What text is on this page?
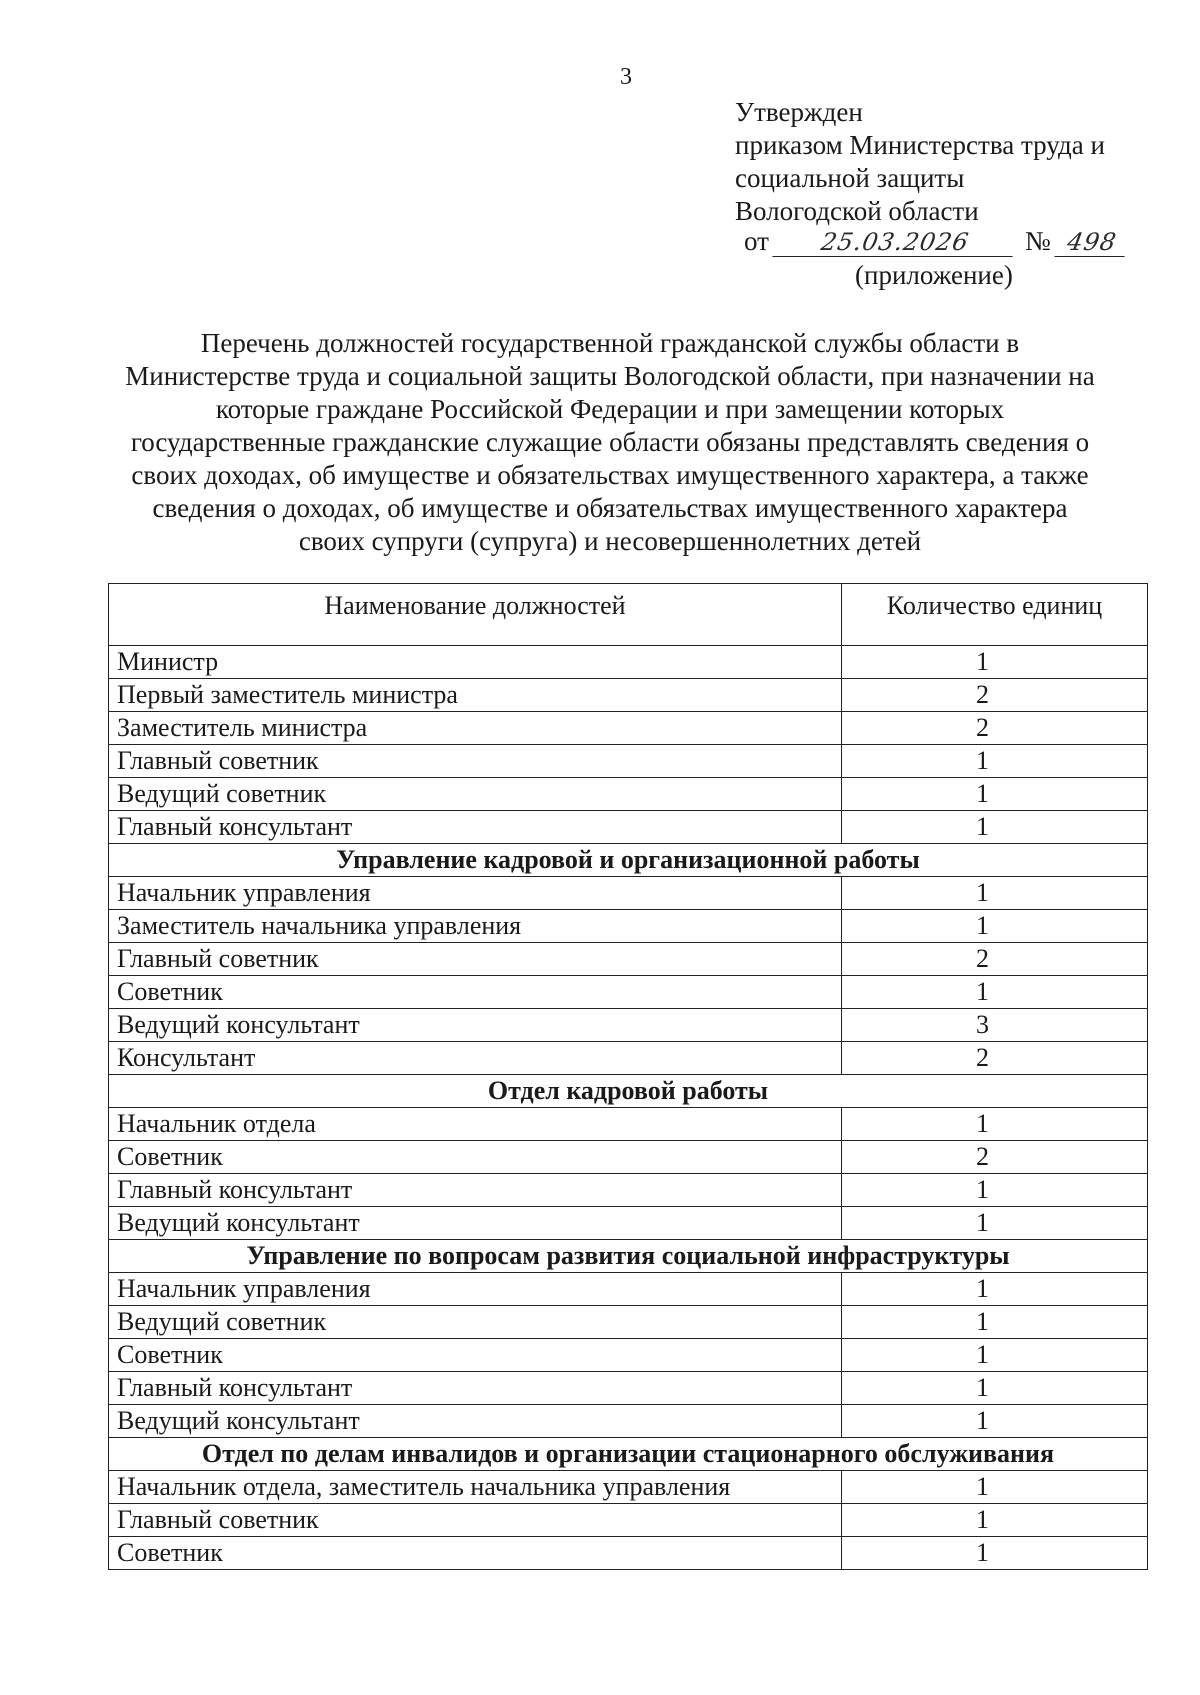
3
Утвержден
приказом Министерства труда и
социальной защиты
Вологодской области
от	25.03.2026	№ 498
(приложение)
Перечень должностей государственной гражданской службы области в
Министерстве труда и социальной защиты Вологодской области, при назначении на
которые граждане Российской Федерации и при замещении которых
государственные гражданские служащие области обязаны представлять сведения о
своих доходах, об имуществе и обязательствах имущественного характера, а также
сведения о доходах, об имуществе и обязательствах имущественного характера
своих супруги (супруга) и несовершеннолетних детей
Наименование должностей	Количество единиц
Министр	1
Первый заместитель министра	2
Заместитель министра	2
Главный советник	1
Ведущий советник	1
Главный консультант	1
Управление кадровой и организационной работы	
Начальник управления	1
Заместитель начальника управления	1
Главный советник	2
Советник	1
Ведущий консультант	3
Консультант	2
Отдел кадровой работы	
Начальник отдела	1
Советник	2
Главный консультант	1
Ведущий консультант	1
Управление по вопросам развития социальной инфраструктуры	
Начальник управления	1
Ведущий советник	1
Советник	1
Главный консультант	1
Ведущий консультант	1
Отдел по делам инвалидов и организации стационарного обслуживания	
Начальник отдела, заместитель начальника управления	1
Главный советник	1
Советник	1
